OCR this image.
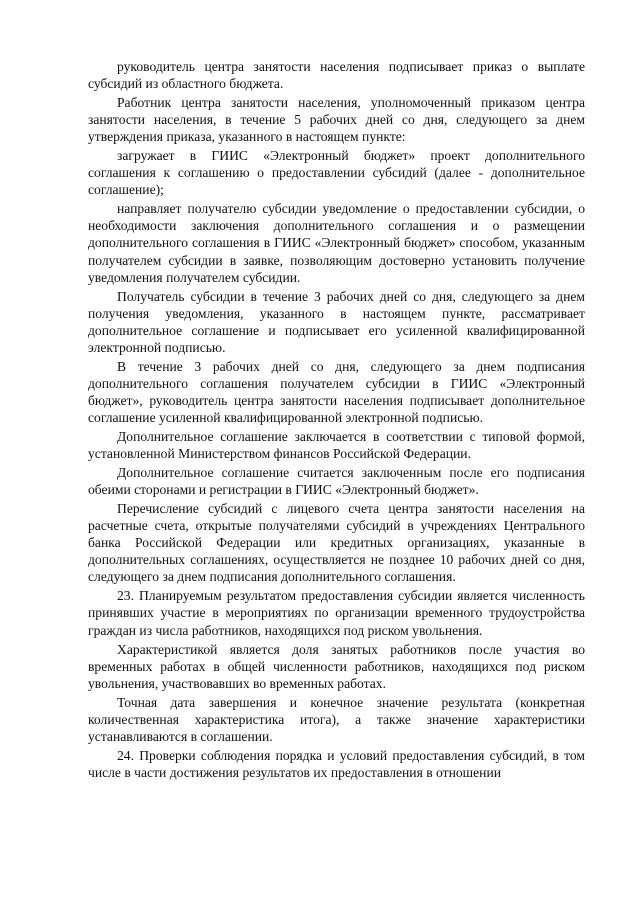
руководитель центра занятости населения подписывает приказ о выплате субсидий из областного бюджета.

Работник центра занятости населения, уполномоченный приказом центра занятости населения, в течение 5 рабочих дней со дня, следующего за днем утверждения приказа, указанного в настоящем пункте:

загружает в ГИИС «Электронный бюджет» проект дополнительного соглашения к соглашению о предоставлении субсидий (далее - дополнительное соглашение);

направляет получателю субсидии уведомление о предоставлении субсидии, о необходимости заключения дополнительного соглашения и о размещении дополнительного соглашения в ГИИС «Электронный бюджет» способом, указанным получателем субсидии в заявке, позволяющим достоверно установить получение уведомления получателем субсидии.

Получатель субсидии в течение 3 рабочих дней со дня, следующего за днем получения уведомления, указанного в настоящем пункте, рассматривает дополнительное соглашение и подписывает его усиленной квалифицированной электронной подписью.

В течение 3 рабочих дней со дня, следующего за днем подписания дополнительного соглашения получателем субсидии в ГИИС «Электронный бюджет», руководитель центра занятости населения подписывает дополнительное соглашение усиленной квалифицированной электронной подписью.

Дополнительное соглашение заключается в соответствии с типовой формой, установленной Министерством финансов Российской Федерации.

Дополнительное соглашение считается заключенным после его подписания обеими сторонами и регистрации в ГИИС «Электронный бюджет».

Перечисление субсидий с лицевого счета центра занятости населения на расчетные счета, открытые получателями субсидий в учреждениях Центрального банка Российской Федерации или кредитных организациях, указанные в дополнительных соглашениях, осуществляется не позднее 10 рабочих дней со дня, следующего за днем подписания дополнительного соглашения.

23. Планируемым результатом предоставления субсидии является численность принявших участие в мероприятиях по организации временного трудоустройства граждан из числа работников, находящихся под риском увольнения.

Характеристикой является доля занятых работников после участия во временных работах в общей численности работников, находящихся под риском увольнения, участвовавших во временных работах.

Точная дата завершения и конечное значение результата (конкретная количественная характеристика итога), а также значение характеристики устанавливаются в соглашении.

24. Проверки соблюдения порядка и условий предоставления субсидий, в том числе в части достижения результатов их предоставления в отношении
